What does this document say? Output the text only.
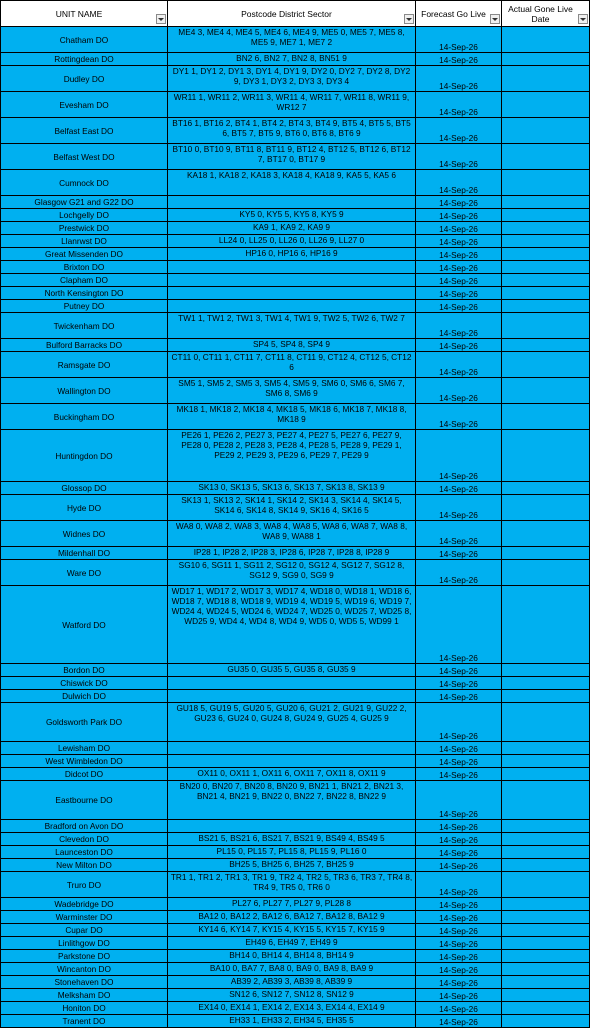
UNIT NAME	Postcode District Sector	Forecast Go Live	Actual Gone Live Date

Chatham DO	ME4 3, ME4 4, ME4 5, ME4 6, ME4 9, ME5 0, ME5 7, ME5 8, ME5 9, ME7 1, ME7 2	14-Sep-26	
Rottingdean DO	BN2 6, BN2 7, BN2 8, BN51 9	14-Sep-26	
Dudley DO	DY1 1, DY1 2, DY1 3, DY1 4, DY1 9, DY2 0, DY2 7, DY2 8, DY2 9, DY3 1, DY3 2, DY3 3, DY3 4	14-Sep-26	
Evesham DO	WR11 1, WR11 2, WR11 3, WR11 4, WR11 7, WR11 8, WR11 9, WR12 7	14-Sep-26	
Belfast East DO	BT16 1, BT16 2, BT4 1, BT4 2, BT4 3, BT4 9, BT5 4, BT5 5, BT5 6, BT5 7, BT5 9, BT6 0, BT6 8, BT6 9	14-Sep-26	
Belfast West DO	BT10 0, BT10 9, BT11 8, BT11 9, BT12 4, BT12 5, BT12 6, BT12 7, BT17 0, BT17 9	14-Sep-26	
Cumnock DO	KA18 1, KA18 2, KA18 3, KA18 4, KA18 9, KA5 5, KA5 6	14-Sep-26	
Glasgow G21 and G22 DO		14-Sep-26	
Lochgelly DO	KY5 0, KY5 5, KY5 8, KY5 9	14-Sep-26	
Prestwick DO	KA9 1, KA9 2, KA9 9	14-Sep-26	
Llanrwst DO	LL24 0, LL25 0, LL26 0, LL26 9, LL27 0	14-Sep-26	
Great Missenden DO	HP16 0, HP16 6, HP16 9	14-Sep-26	
Brixton DO		14-Sep-26	
Clapham DO		14-Sep-26	
North Kensington DO		14-Sep-26	
Putney DO		14-Sep-26	
Twickenham DO	TW1 1, TW1 2, TW1 3, TW1 4, TW1 9, TW2 5, TW2 6, TW2 7	14-Sep-26	
Bulford Barracks DO	SP4 5, SP4 8, SP4 9	14-Sep-26	
Ramsgate DO	CT11 0, CT11 1, CT11 7, CT11 8, CT11 9, CT12 4, CT12 5, CT12 6	14-Sep-26	
Wallington DO	SM5 1, SM5 2, SM5 3, SM5 4, SM5 9, SM6 0, SM6 6, SM6 7, SM6 8, SM6 9	14-Sep-26	
Buckingham DO	MK18 1, MK18 2, MK18 4, MK18 5, MK18 6, MK18 7, MK18 8, MK18 9	14-Sep-26	
Huntingdon DO	PE26 1, PE26 2, PE27 3, PE27 4, PE27 5, PE27 6, PE27 9, PE28 0, PE28 2, PE28 3, PE28 4, PE28 5, PE28 9, PE29 1, PE29 2, PE29 3, PE29 6, PE29 7, PE29 9	14-Sep-26	
Glossop DO	SK13 0, SK13 5, SK13 6, SK13 7, SK13 8, SK13 9	14-Sep-26	
Hyde DO	SK13 1, SK13 2, SK14 1, SK14 2, SK14 3, SK14 4, SK14 5, SK14 6, SK14 8, SK14 9, SK16 4, SK16 5	14-Sep-26	
Widnes DO	WA8 0, WA8 2, WA8 3, WA8 4, WA8 5, WA8 6, WA8 7, WA8 8, WA8 9, WA88 1	14-Sep-26	
Mildenhall DO	IP28 1, IP28 2, IP28 3, IP28 6, IP28 7, IP28 8, IP28 9	14-Sep-26	
Ware DO	SG10 6, SG11 1, SG11 2, SG12 0, SG12 4, SG12 7, SG12 8, SG12 9, SG9 0, SG9 9	14-Sep-26	
Watford DO	WD17 1, WD17 2, WD17 3, WD17 4, WD18 0, WD18 1, WD18 6, WD18 7, WD18 8, WD18 9, WD19 4, WD19 5, WD19 6, WD19 7, WD24 4, WD24 5, WD24 6, WD24 7, WD25 0, WD25 7, WD25 8, WD25 9, WD4 4, WD4 8, WD4 9, WD5 0, WD5 5, WD99 1	14-Sep-26	
Bordon DO	GU35 0, GU35 5, GU35 8, GU35 9	14-Sep-26	
Chiswick DO		14-Sep-26	
Dulwich DO		14-Sep-26	
Goldsworth Park DO	GU18 5, GU19 5, GU20 5, GU20 6, GU21 2, GU21 9, GU22 2, GU23 6, GU24 0, GU24 8, GU24 9, GU25 4, GU25 9	14-Sep-26	
Lewisham DO		14-Sep-26	
West Wimbledon DO		14-Sep-26	
Didcot DO	OX11 0, OX11 1, OX11 6, OX11 7, OX11 8, OX11 9	14-Sep-26	
Eastbourne DO	BN20 0, BN20 7, BN20 8, BN20 9, BN21 1, BN21 2, BN21 3, BN21 4, BN21 9, BN22 0, BN22 7, BN22 8, BN22 9	14-Sep-26	
Bradford on Avon DO		14-Sep-26	
Clevedon DO	BS21 5, BS21 6, BS21 7, BS21 9, BS49 4, BS49 5	14-Sep-26	
Launceston DO	PL15 0, PL15 7, PL15 8, PL15 9, PL16 0	14-Sep-26	
New Milton DO	BH25 5, BH25 6, BH25 7, BH25 9	14-Sep-26	
Truro DO	TR1 1, TR1 2, TR1 3, TR1 9, TR2 4, TR2 5, TR3 6, TR3 7, TR4 8, TR4 9, TR5 0, TR6 0	14-Sep-26	
Wadebridge DO	PL27 6, PL27 7, PL27 9, PL28 8	14-Sep-26	
Warminster DO	BA12 0, BA12 2, BA12 6, BA12 7, BA12 8, BA12 9	14-Sep-26	
Cupar DO	KY14 6, KY14 7, KY15 4, KY15 5, KY15 7, KY15 9	14-Sep-26	
Linlithgow DO	EH49 6, EH49 7, EH49 9	14-Sep-26	
Parkstone DO	BH14 0, BH14 4, BH14 8, BH14 9	14-Sep-26	
Wincanton DO	BA10 0, BA7 7, BA8 0, BA9 0, BA9 8, BA9 9	14-Sep-26	
Stonehaven DO	AB39 2, AB39 3, AB39 8, AB39 9	14-Sep-26	
Melksham DO	SN12 6, SN12 7, SN12 8, SN12 9	14-Sep-26	
Honiton DO	EX14 0, EX14 1, EX14 2, EX14 3, EX14 4, EX14 9	14-Sep-26	
Tranent DO	EH33 1, EH33 2, EH34 5, EH35 5	14-Sep-26	
